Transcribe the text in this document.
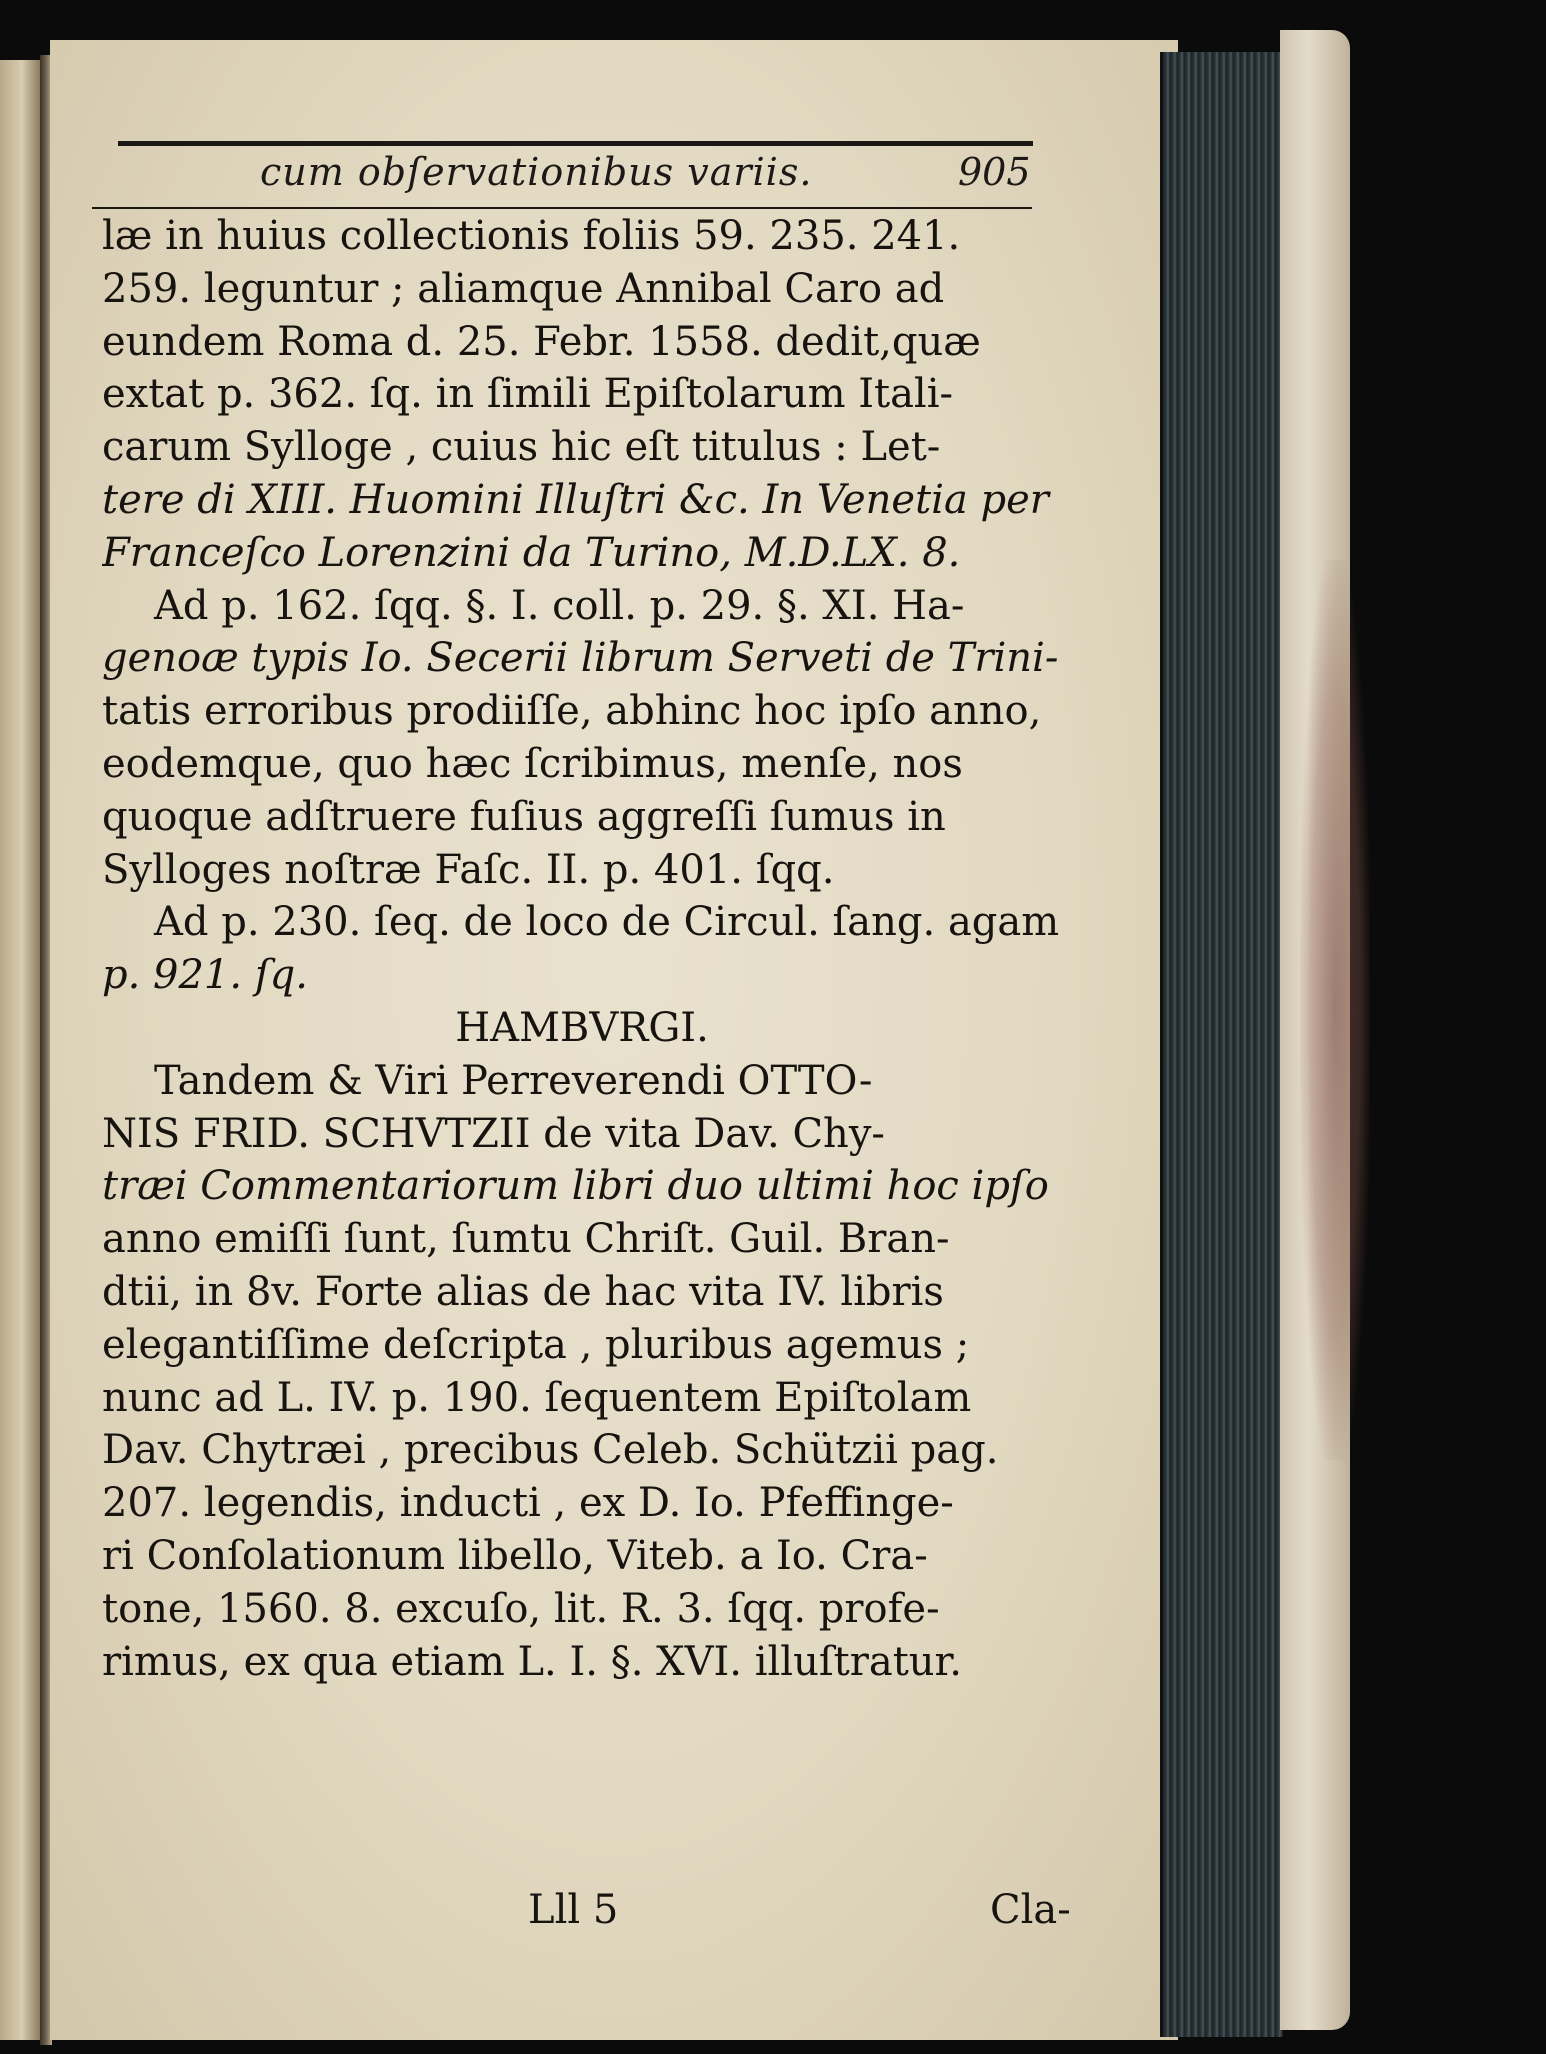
cum obſervationibus variis.	905
læ in huius collectionis foliis 59. 235. 241.
259. leguntur ; aliamque Annibal Caro ad
eundem Roma d. 25. Febr. 1558. dedit,quæ
extat p. 362. ſq. in ſimili Epiſtolarum Itali-
carum Sylloge , cuius hic eſt titulus : Let-
tere di XIII. Huomini Illuſtri &c. In Venetia per
Franceſco Lorenzini da Turino, M.D.LX. 8.
Ad p. 162. ſqq. §. I. coll. p. 29. §. XI. Ha-
genoæ typis Io. Secerii librum Serveti de Trini-
tatis erroribus prodiiſſe, abhinc hoc ipſo anno,
eodemque, quo hæc ſcribimus, menſe, nos
quoque adſtruere fuſius aggreſſi ſumus in
Sylloges noſtræ Faſc. II. p. 401. ſqq.
Ad p. 230. ſeq. de loco de Circul. ſang. agam
p. 921. ſq.
HAMBVRGI.
Tandem & Viri Perreverendi OTTO-
NIS FRID. SCHVTZII de vita Dav. Chy-
træi Commentariorum libri duo ultimi hoc ipſo
anno emiſſi ſunt, ſumtu Chriſt. Guil. Bran-
dtii, in 8v. Forte alias de hac vita IV. libris
elegantiſſime deſcripta , pluribus agemus ;
nunc ad L. IV. p. 190. ſequentem Epiſtolam
Dav. Chytræi , precibus Celeb. Schützii pag.
207. legendis, inducti , ex D. Io. Pfeffinge-
ri Conſolationum libello, Viteb. a Io. Cra-
tone, 1560. 8. excuſo, lit. R. 3. ſqq. profe-
rimus, ex qua etiam L. I. §. XVI. illuſtratur.
Lll 5	Cla-
